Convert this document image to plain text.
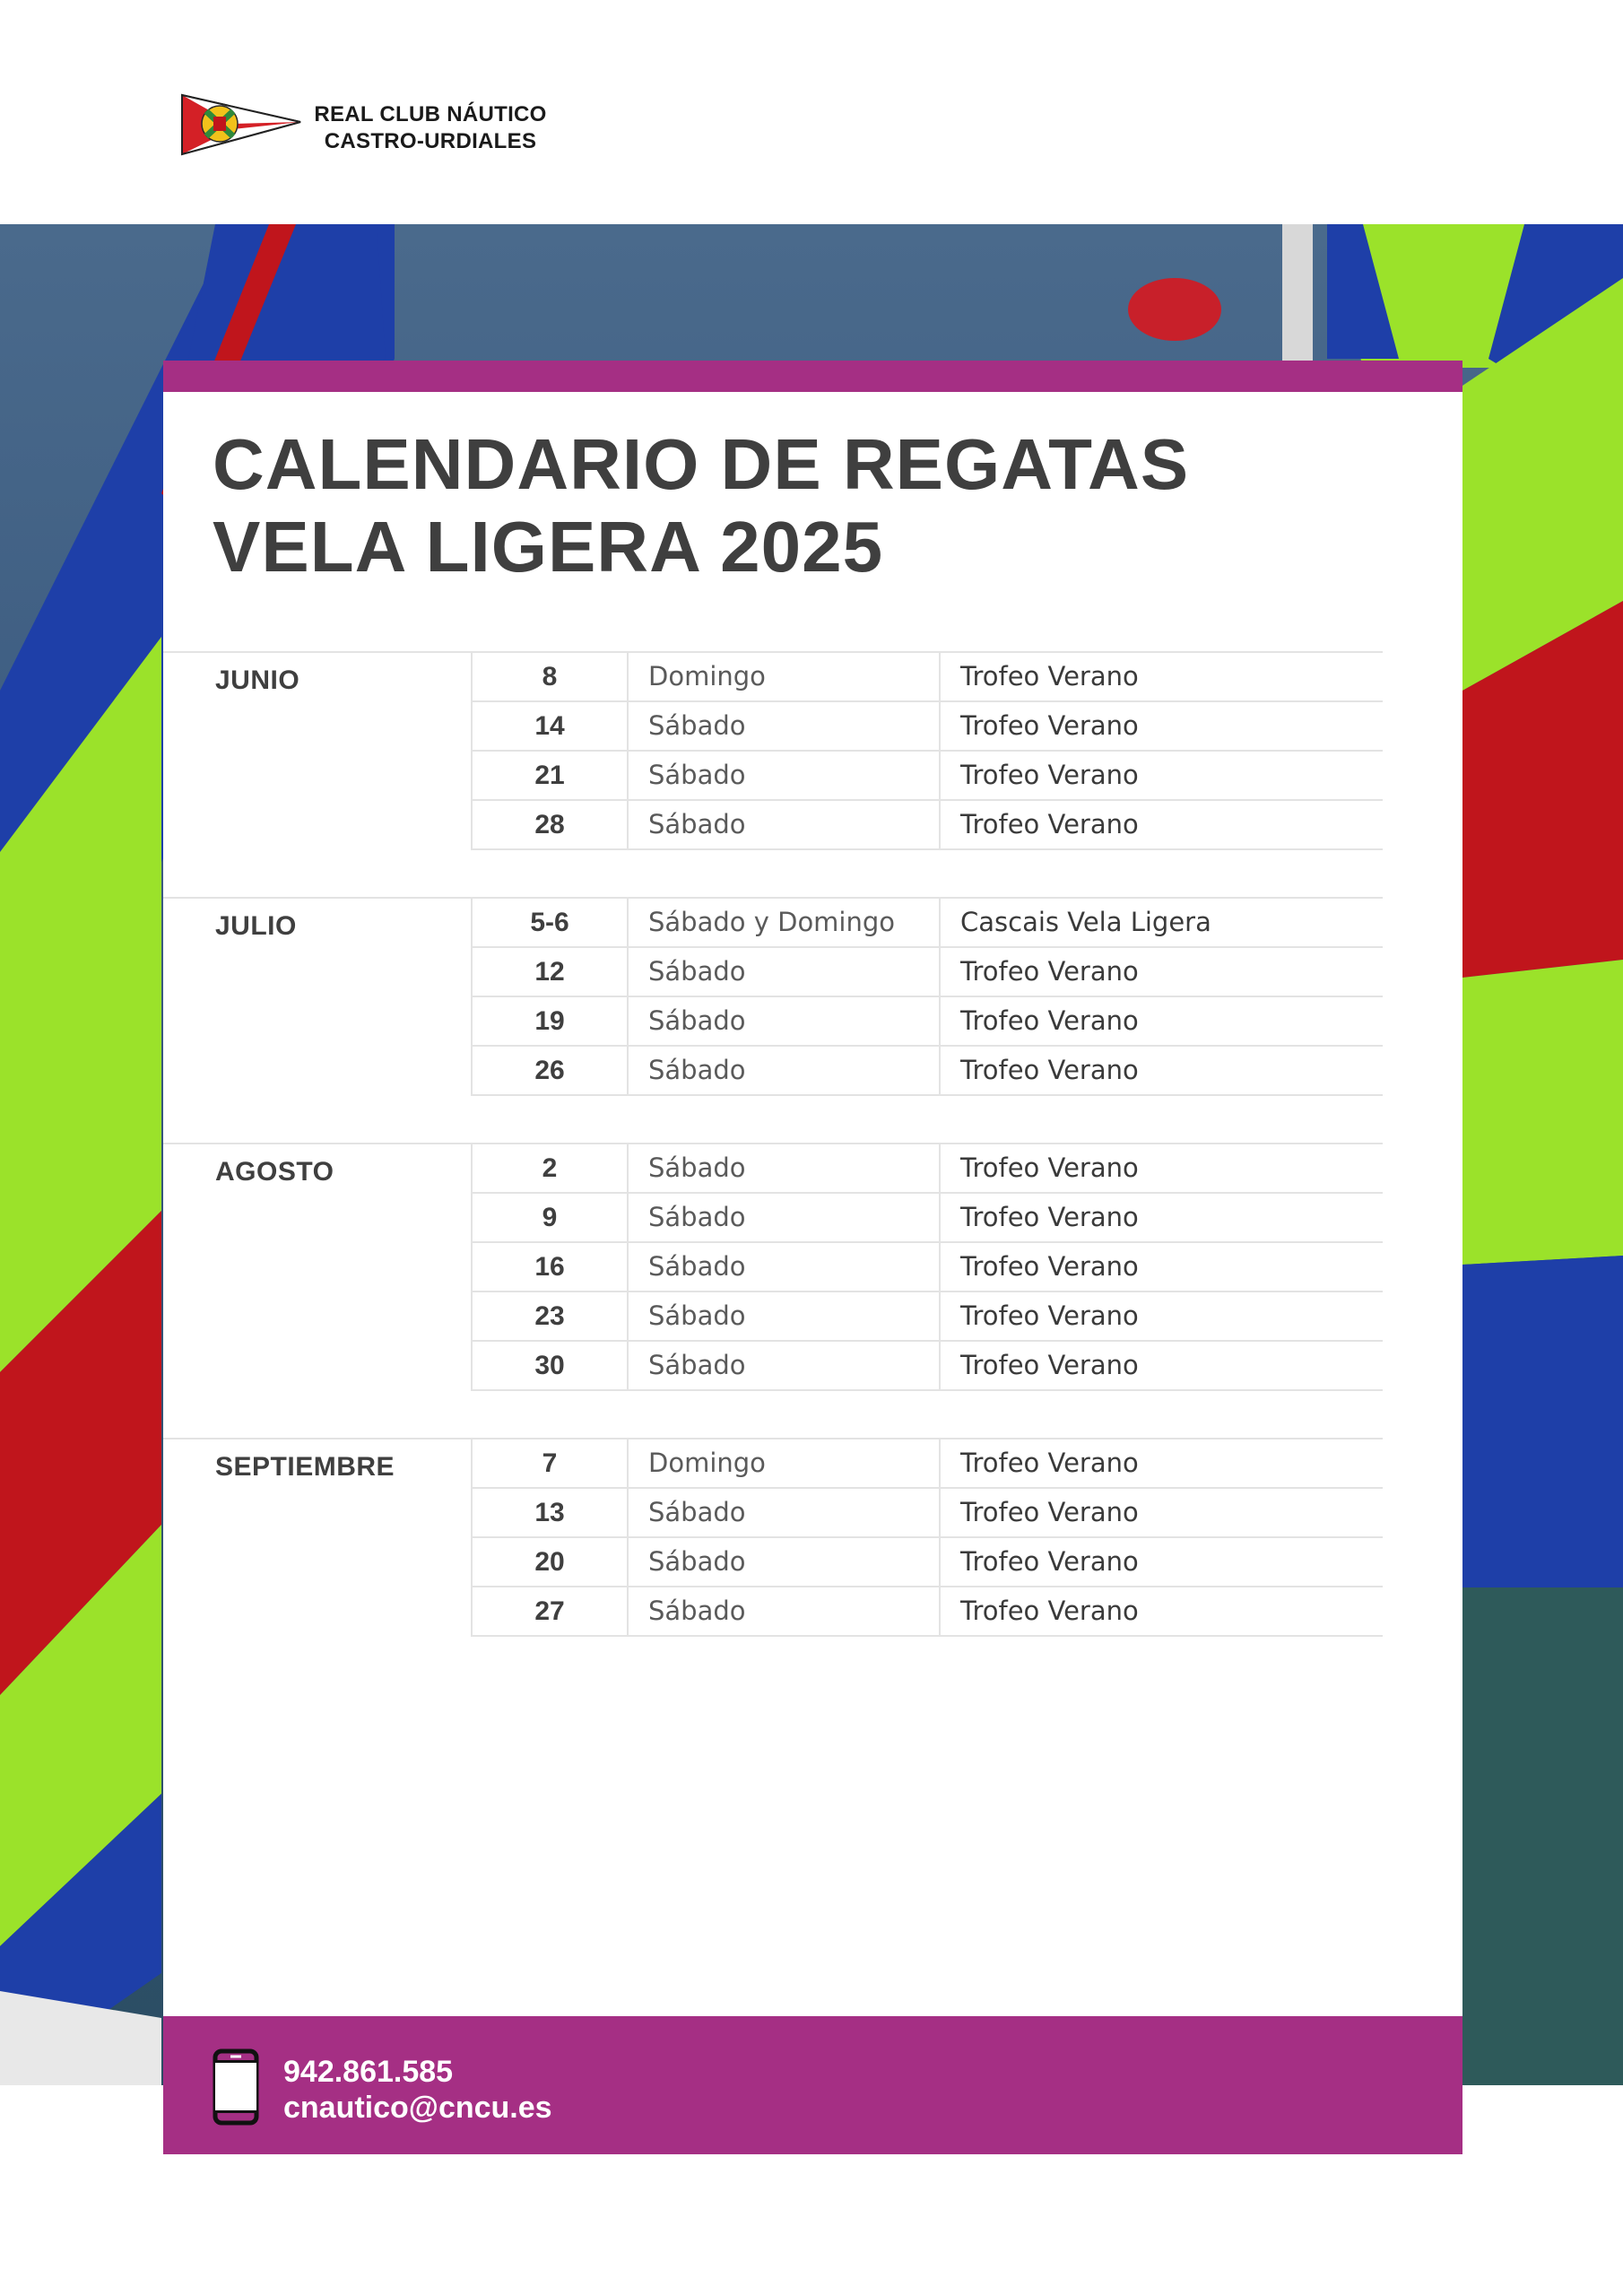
REAL CLUB NÁUTICO
CASTRO-URDIALES
CALENDARIO DE REGATAS
VELA LIGERA 2025
JUNIO	8	Domingo	Trofeo Verano
14	Sábado	Trofeo Verano
21	Sábado	Trofeo Verano
28	Sábado	Trofeo Verano
JULIO	5-6	Sábado y Domingo	Cascais Vela Ligera
12	Sábado	Trofeo Verano
19	Sábado	Trofeo Verano
26	Sábado	Trofeo Verano
AGOSTO	2	Sábado	Trofeo Verano
9	Sábado	Trofeo Verano
16	Sábado	Trofeo Verano
23	Sábado	Trofeo Verano
30	Sábado	Trofeo Verano
SEPTIEMBRE	7	Domingo	Trofeo Verano
13	Sábado	Trofeo Verano
20	Sábado	Trofeo Verano
27	Sábado	Trofeo Verano
942.861.585
cnautico@cncu.es
